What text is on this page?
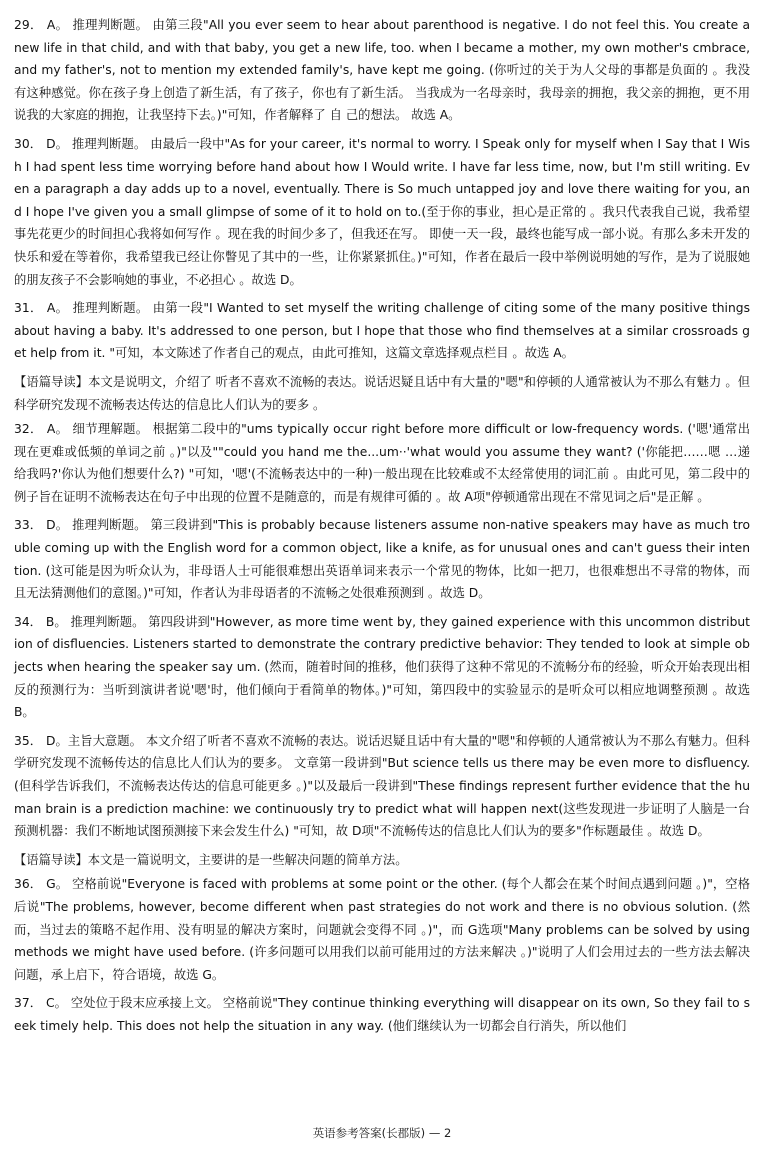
29． A。 推理判断题。 由第三段"All you ever seem to hear about parenthood is negative. I do not feel this. You create a new life in that child, and with that baby, you get a new life, too. when I became a mother, my own mother's cmbrace, and my father's, not to mention my extended family's, have kept me going. (你听过的关于为人父母的事都是负面的 。我没有这种感觉。你在孩子身上创造了新生活，有了孩子，你也有了新生活。 当我成为一名母亲时，我母亲的拥抱，我父亲的拥抱，更不用说我的大家庭的拥抱，让我坚持下去。)"可知，作者解释了 自 己的想法。 故选 A。

30． D。 推理判断题。 由最后一段中"As for your career, it's normal to worry. I Speak only for myself when I Say that I Wish I had spent less time worrying before hand about how I Would write. I have far less time, now, but I'm still writing. Even a paragraph a day adds up to a novel, eventually. There is So much untapped joy and love there waiting for you, and I hope I've given you a small glimpse of some of it to hold on to.(至于你的事业，担心是正常的 。我只代表我自己说，我希望事先花更少的时间担心我将如何写作 。现在我的时间少多了，但我还在写。 即使一天一段，最终也能写成一部小说。有那么多未开发的快乐和爱在等着你，我希望我已经让你瞥见了其中的一些，让你紧紧抓住。)"可知，作者在最后一段中举例说明她的写作，是为了说服她的朋友孩子不会影响她的事业，不必担心 。故选 D。

31． A。 推理判断题。 由第一段"I Wanted to set myself the writing challenge of citing some of the many positive things about having a baby. It's addressed to one person, but I hope that those who find themselves at a similar crossroads get help from it. "可知，本文陈述了作者自己的观点，由此可推知，这篇文章选择观点栏目 。故选 A。

【语篇导读】本文是说明文，介绍了 听者不喜欢不流畅的表达。说话迟疑且话中有大量的"嗯"和停顿的人通常被认为不那么有魅力 。但科学研究发现不流畅表达传达的信息比人们认为的要多 。

32． A。 细节理解题。 根据第二段中的"ums typically occur right before more difficult or low-frequency words. ('嗯'通常出现在更难或低频的单词之前 。)"以及""could you hand me the...um··'what would you assume they want? ('你能把……嗯 …递给我吗?'你认为他们想要什么?) "可知，'嗯'(不流畅表达中的一种)一般出现在比较难或不太经常使用的词汇前 。由此可见，第二段中的例子旨在证明不流畅表达在句子中出现的位置不是随意的，而是有规律可循的 。故 A项"停顿通常出现在不常见词之后"是正解 。

33． D。 推理判断题。 第三段讲到"This is probably because listeners assume non-native speakers may have as much trouble coming up with the English word for a common object, like a knife, as for unusual ones and can't guess their intention. (这可能是因为听众认为，非母语人士可能很难想出英语单词来表示一个常见的物体，比如一把刀，也很难想出不寻常的物体，而且无法猜测他们的意图。)"可知，作者认为非母语者的不流畅之处很难预测到 。故选 D。

34． B。 推理判断题。 第四段讲到"However, as more time went by, they gained experience with this uncommon distribution of disfluencies. Listeners started to demonstrate the contrary predictive behavior: They tended to look at simple objects when hearing the speaker say um. (然而，随着时间的推移，他们获得了这种不常见的不流畅分布的经验，听众开始表现出相反的预测行为：当听到演讲者说'嗯'时，他们倾向于看简单的物体。)"可知，第四段中的实验显示的是听众可以相应地调整预测 。故选 B。

35． D。主旨大意题。 本文介绍了听者不喜欢不流畅的表达。说话迟疑且话中有大量的"嗯"和停顿的人通常被认为不那么有魅力。但科学研究发现不流畅传达的信息比人们认为的要多。 文章第一段讲到"But science tells us there may be even more to disfluency. (但科学告诉我们，不流畅表达传达的信息可能更多 。)"以及最后一段讲到"These findings represent further evidence that the human brain is a prediction machine: we continuously try to predict what will happen next(这些发现进一步证明了人脑是一台预测机器：我们不断地试图预测接下来会发生什么) "可知，故 D项"不流畅传达的信息比人们认为的要多"作标题最佳 。故选 D。

【语篇导读】本文是一篇说明文，主要讲的是一些解决问题的简单方法。

36． G。 空格前说"Everyone is faced with problems at some point or the other. (每个人都会在某个时间点遇到问题 。)"，空格后说"The problems, however, become different when past strategies do not work and there is no obvious solution. (然而，当过去的策略不起作用、没有明显的解决方案时，问题就会变得不同 。)"，而 G选项"Many problems can be solved by using methods we might have used before. (许多问题可以用我们以前可能用过的方法来解决 。)"说明了人们会用过去的一些方法去解决问题，承上启下，符合语境，故选 G。

37． C。 空处位于段末应承接上文。 空格前说"They continue thinking everything will disappear on its own, So they fail to seek timely help. This does not help the situation in any way. (他们继续认为一切都会自行消失，所以他们

英语参考答案(长郡版) — 2
